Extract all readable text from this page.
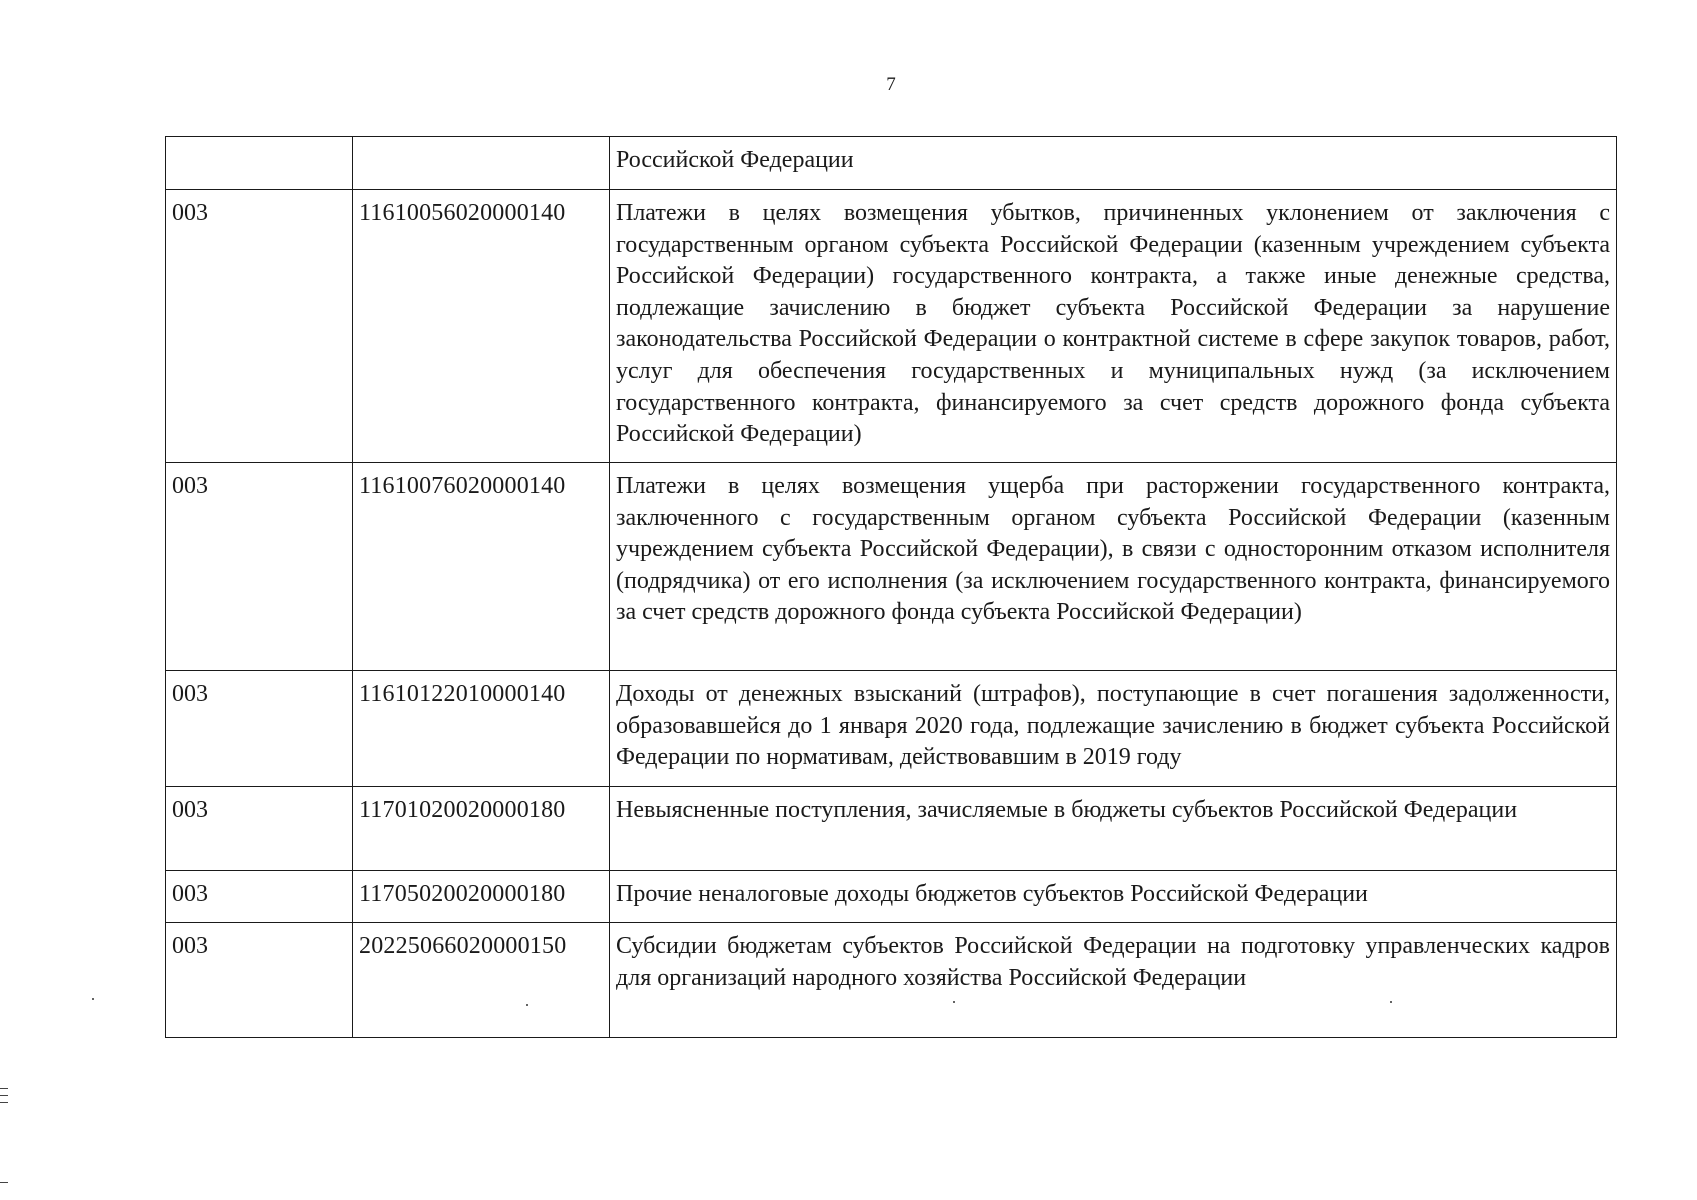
7
		Российской Федерации
003	11610056020000140	Платежи в целях возмещения убытков, причиненных уклонением от заключения с государственным органом субъекта Российской Федерации (казенным учреждением субъекта Российской Федерации) государственного контракта, а также иные денежные средства, подлежащие зачислению в бюджет субъекта Российской Федерации за нарушение законодательства Российской Федерации о контрактной системе в сфере закупок товаров, работ, услуг для обеспечения государственных и муниципальных нужд (за исключением государственного контракта, финансируемого за счет средств дорожного фонда субъекта Российской Федерации)
003	11610076020000140	Платежи в целях возмещения ущерба при расторжении государственного контракта, заключенного с государственным органом субъекта Российской Федерации (казенным учреждением субъекта Российской Федерации), в связи с односторонним отказом исполнителя (подрядчика) от его исполнения (за исключением государственного контракта, финансируемого за счет средств дорожного фонда субъекта Российской Федерации)
003	11610122010000140	Доходы от денежных взысканий (штрафов), поступающие в счет погашения задолженности, образовавшейся до 1 января 2020 года, подлежащие зачислению в бюджет субъекта Российской Федерации по нормативам, действовавшим в 2019 году
003	11701020020000180	Невыясненные поступления, зачисляемые в бюджеты субъектов Российской Федерации
003	11705020020000180	Прочие неналоговые доходы бюджетов субъектов Российской Федерации
003	20225066020000150	Субсидии бюджетам субъектов Российской Федерации на подготовку управленческих кадров для организаций народного хозяйства Российской Федерации
